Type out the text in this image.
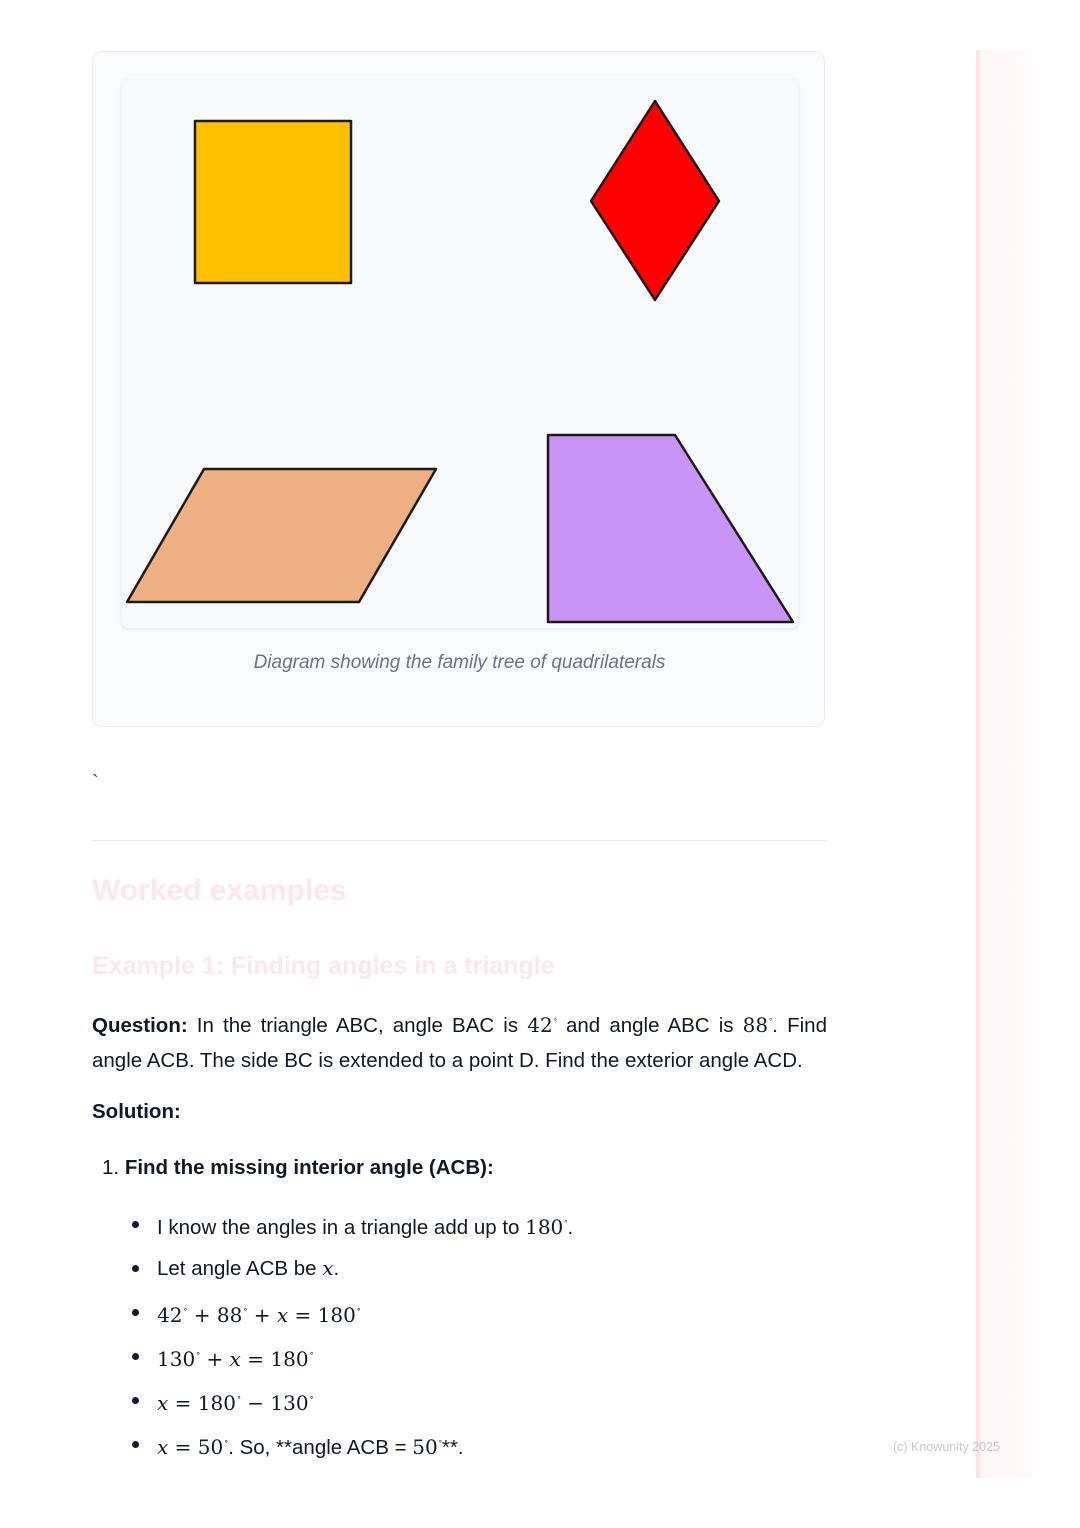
Diagram showing the family tree of quadrilaterals
`
Worked examples
Example 1: Finding angles in a triangle

Question: In the triangle ABC, angle BAC is 42° and angle ABC is 88°. Find angle ACB. The side BC is extended to a point D. Find the exterior angle ACD.

Solution:

1. Find the missing interior angle (ACB):

I know the angles in a triangle add up to 180°.
Let angle ACB be x.
42° + 88° + x = 180°
130° + x = 180°
x = 180° − 130°
x = 50°. So, **angle ACB = 50°**.	(c) Knowunity 2025
